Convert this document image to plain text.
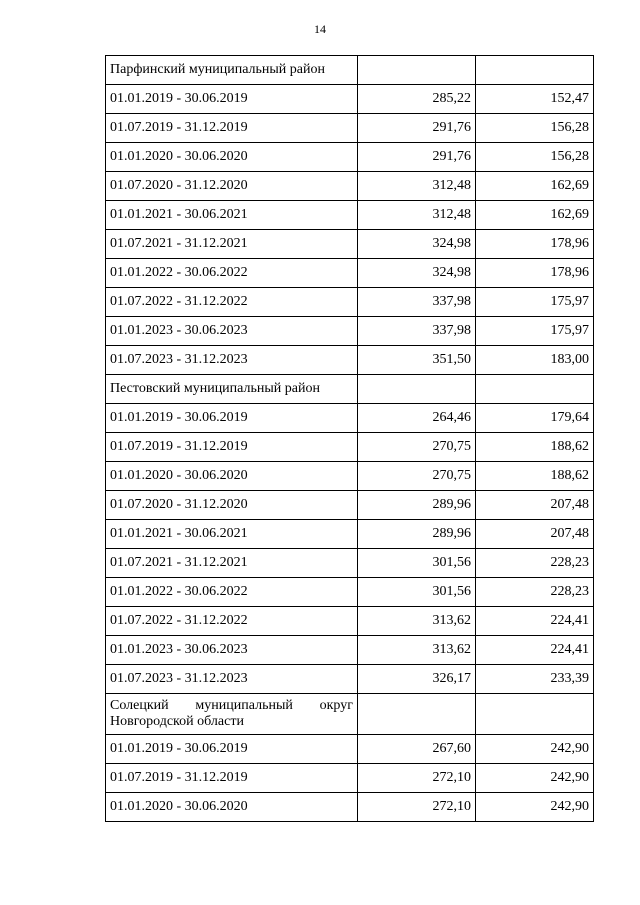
14
Парфинский муниципальный район		
01.01.2019 - 30.06.2019	285,22	152,47
01.07.2019 - 31.12.2019	291,76	156,28
01.01.2020 - 30.06.2020	291,76	156,28
01.07.2020 - 31.12.2020	312,48	162,69
01.01.2021 - 30.06.2021	312,48	162,69
01.07.2021 - 31.12.2021	324,98	178,96
01.01.2022 - 30.06.2022	324,98	178,96
01.07.2022 - 31.12.2022	337,98	175,97
01.01.2023 - 30.06.2023	337,98	175,97
01.07.2023 - 31.12.2023	351,50	183,00
Пестовский муниципальный район		
01.01.2019 - 30.06.2019	264,46	179,64
01.07.2019 - 31.12.2019	270,75	188,62
01.01.2020 - 30.06.2020	270,75	188,62
01.07.2020 - 31.12.2020	289,96	207,48
01.01.2021 - 30.06.2021	289,96	207,48
01.07.2021 - 31.12.2021	301,56	228,23
01.01.2022 - 30.06.2022	301,56	228,23
01.07.2022 - 31.12.2022	313,62	224,41
01.01.2023 - 30.06.2023	313,62	224,41
01.07.2023 - 31.12.2023	326,17	233,39
Солецкий муниципальный округ Новгородской области		
01.01.2019 - 30.06.2019	267,60	242,90
01.07.2019 - 31.12.2019	272,10	242,90
01.01.2020 - 30.06.2020	272,10	242,90
